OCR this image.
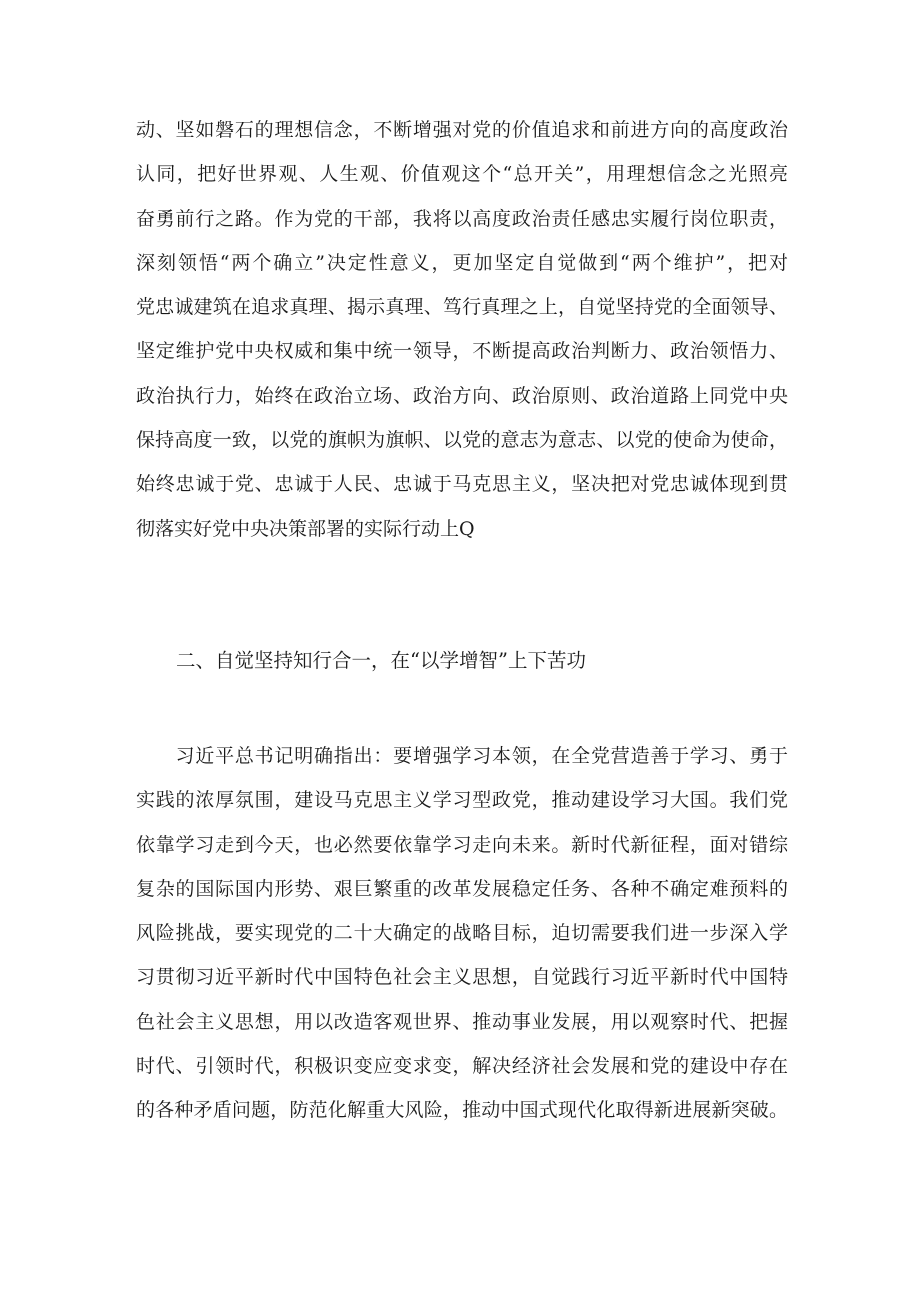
动、坚如磐石的理想信念，不断增强对党的价值追求和前进方向的高度政治
认同，把好世界观、人生观、价值观这个“总开关”，用理想信念之光照亮
奋勇前行之路。作为党的干部，我将以高度政治责任感忠实履行岗位职责，
深刻领悟“两个确立”决定性意义，更加坚定自觉做到“两个维护”，把对
党忠诚建筑在追求真理、揭示真理、笃行真理之上，自觉坚持党的全面领导、
坚定维护党中央权威和集中统一领导，不断提高政治判断力、政治领悟力、
政治执行力，始终在政治立场、政治方向、政治原则、政治道路上同党中央
保持高度一致，以党的旗帜为旗帜、以党的意志为意志、以党的使命为使命，
始终忠诚于党、忠诚于人民、忠诚于马克思主义，坚决把对党忠诚体现到贯
彻落实好党中央决策部署的实际行动上Q
二、自觉坚持知行合一，在“以学增智”上下苦功
　　习近平总书记明确指出：要增强学习本领，在全党营造善于学习、勇于
实践的浓厚氛围，建设马克思主义学习型政党，推动建设学习大国。我们党
依靠学习走到今天，也必然要依靠学习走向未来。新时代新征程，面对错综
复杂的国际国内形势、艰巨繁重的改革发展稳定任务、各种不确定难预料的
风险挑战，要实现党的二十大确定的战略目标，迫切需要我们进一步深入学
习贯彻习近平新时代中国特色社会主义思想，自觉践行习近平新时代中国特
色社会主义思想，用以改造客观世界、推动事业发展，用以观察时代、把握
时代、引领时代，积极识变应变求变，解决经济社会发展和党的建设中存在
的各种矛盾问题，防范化解重大风险，推动中国式现代化取得新进展新突破。
